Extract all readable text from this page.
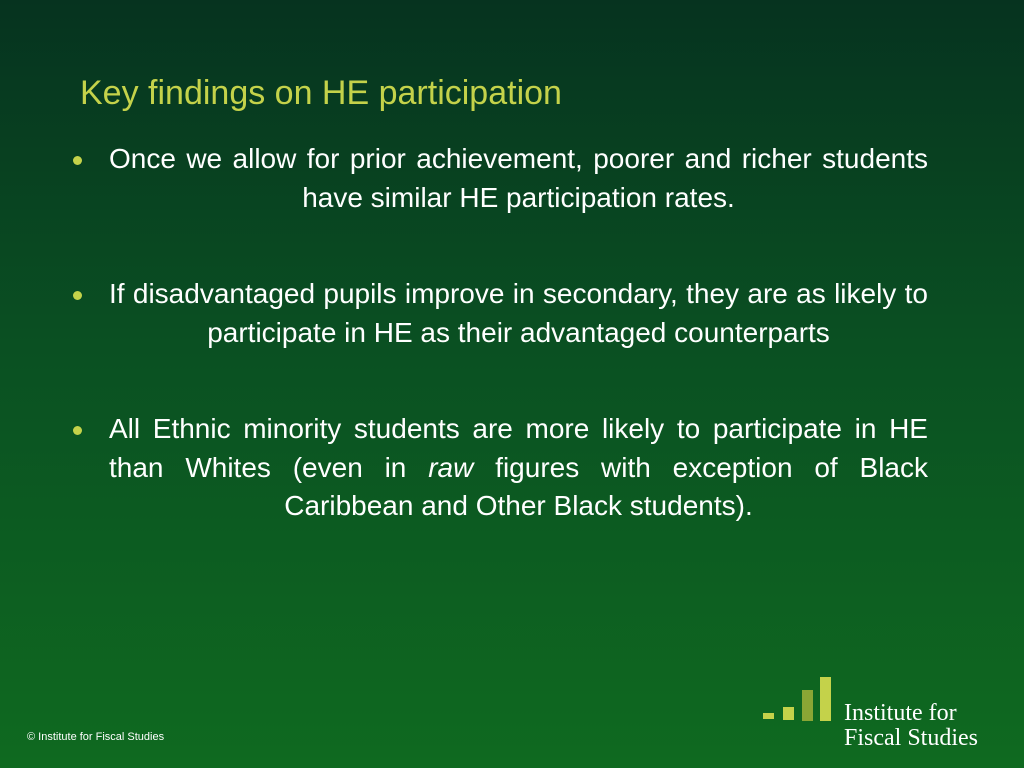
Key findings on HE participation
Once we allow for prior achievement, poorer and richer students have similar HE participation rates.
If disadvantaged pupils improve in secondary, they are as likely to participate in HE as their advantaged counterparts
All Ethnic minority students are more likely to participate in HE than Whites (even in raw figures with exception of Black Caribbean and Other Black students).
© Institute for Fiscal Studies
Institute for
Fiscal Studies
